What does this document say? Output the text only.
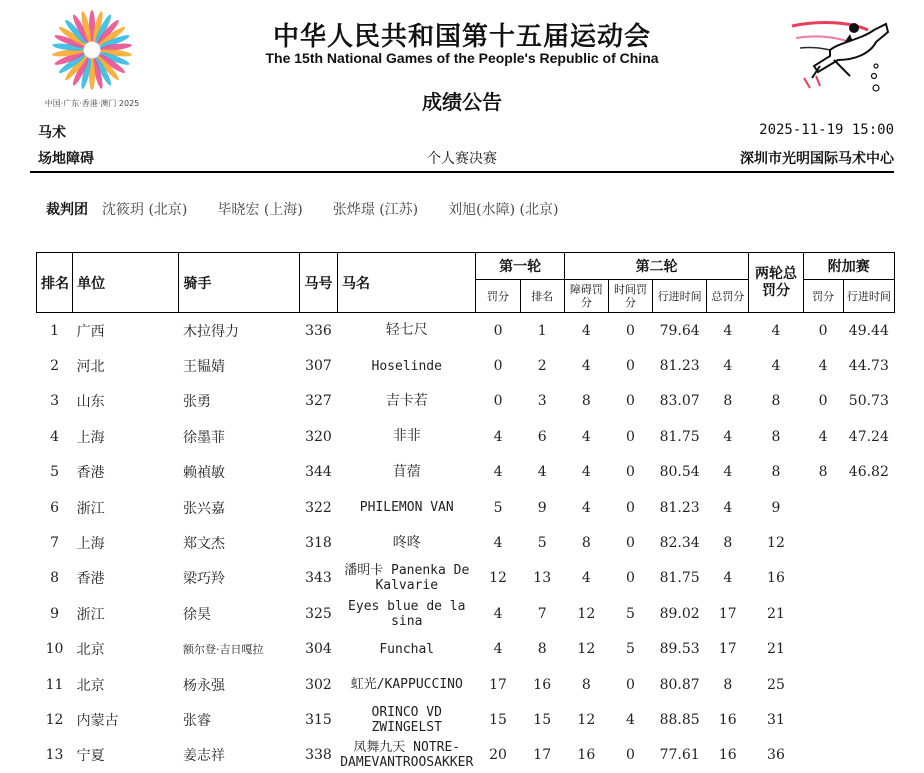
中国·广东·香港·澳门 2025
中华人民共和国第十五届运动会
The 15th National Games of the People's Republic of China
成绩公告
马术	2025-11-19 15:00
场地障碍	个人赛决赛	深圳市光明国际马术中心
裁判团 沈筱玥 (北京) 毕晓宏 (上海) 张烨璟 (江苏) 刘旭(水障) (北京)
排名	单位	骑手	马号	马名	第一轮		第二轮				两轮总罚分	附加赛	
					罚分	排名	障碍罚分	时间罚分	行进时间	总罚分		罚分	行进时间
1	广西	木拉得力	336	轻七尺	0	1	4	0	79.64	4	4	0	49.44
2	河北	王韫婧	307	Hoselinde	0	2	4	0	81.23	4	4	4	44.73
3	山东	张勇	327	吉卡若	0	3	8	0	83.07	8	8	0	50.73
4	上海	徐墨菲	320	非非	4	6	4	0	81.75	4	8	4	47.24
5	香港	赖禎敏	344	苜蓿	4	4	4	0	80.54	4	8	8	46.82
6	浙江	张兴嘉	322	PHILEMON VAN	5	9	4	0	81.23	4	9		
7	上海	郑文杰	318	咚咚	4	5	8	0	82.34	8	12		
8	香港	梁巧羚	343	潘明卡 Panenka De Kalvarie	12	13	4	0	81.75	4	16		
9	浙江	徐昊	325	Eyes blue de la sina	4	7	12	5	89.02	17	21		
10	北京	额尔登·吉日嘎拉	304	Funchal	4	8	12	5	89.53	17	21		
11	北京	杨永强	302	虹光/KAPPUCCINO	17	16	8	0	80.87	8	25		
12	内蒙古	张睿	315	ORINCO VD ZWINGELST	15	15	12	4	88.85	16	31		
13	宁夏	姜志祥	338	凤舞九天 NOTRE-DAMEVANTROOSAKKER	20	17	16	0	77.61	16	36		
